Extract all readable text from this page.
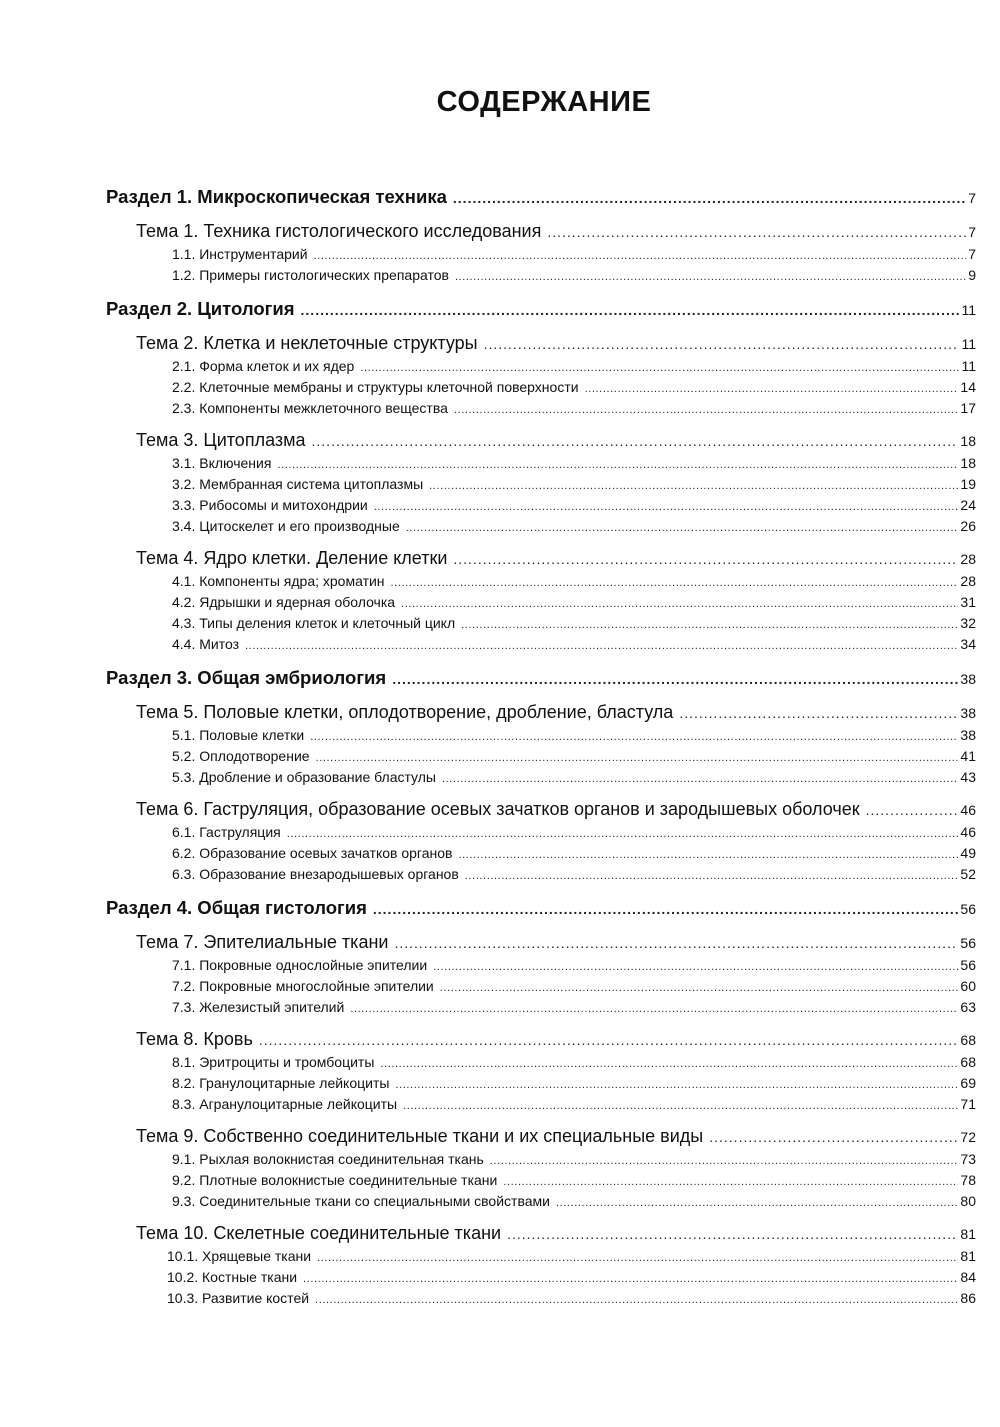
СОДЕРЖАНИЕ
Раздел 1. Микроскопическая техника .....	7
Тема 1. Техника гистологического исследования .....	7
1.1. Инструментарий .....	7
1.2. Примеры гистологических препаратов .....	9
Раздел 2. Цитология .....	11
Тема 2. Клетка и неклеточные структуры .....	11
2.1. Форма клеток и их ядер .....	11
2.2. Клеточные мембраны и структуры клеточной поверхности .....	14
2.3. Компоненты межклеточного вещества .....	17
Тема 3. Цитоплазма .....	18
3.1. Включения .....	18
3.2. Мембранная система цитоплазмы .....	19
3.3. Рибосомы и митохондрии .....	24
3.4. Цитоскелет и его производные .....	26
Тема 4. Ядро клетки. Деление клетки .....	28
4.1. Компоненты ядра; хроматин .....	28
4.2. Ядрышки и ядерная оболочка .....	31
4.3. Типы деления клеток и клеточный цикл .....	32
4.4. Митоз .....	34
Раздел 3. Общая эмбриология .....	38
Тема 5. Половые клетки, оплодотворение, дробление, бластула .....	38
5.1. Половые клетки .....	38
5.2. Оплодотворение .....	41
5.3. Дробление и образование бластулы .....	43
Тема 6. Гаструляция, образование осевых зачатков органов и зародышевых оболочек .....	46
6.1. Гаструляция .....	46
6.2. Образование осевых зачатков органов .....	49
6.3. Образование внезародышевых органов .....	52
Раздел 4. Общая гистология .....	56
Тема 7. Эпителиальные ткани .....	56
7.1. Покровные однослойные эпителии .....	56
7.2. Покровные многослойные эпителии .....	60
7.3. Железистый эпителий .....	63
Тема 8. Кровь .....	68
8.1. Эритроциты и тромбоциты .....	68
8.2. Гранулоцитарные лейкоциты .....	69
8.3. Агранулоцитарные лейкоциты .....	71
Тема 9. Собственно соединительные ткани и их специальные виды .....	72
9.1. Рыхлая волокнистая соединительная ткань .....	73
9.2. Плотные волокнистые соединительные ткани .....	78
9.3. Соединительные ткани со специальными свойствами .....	80
Тема 10. Скелетные соединительные ткани .....	81
10.1. Хрящевые ткани .....	81
10.2. Костные ткани .....	84
10.3. Развитие костей .....	86
